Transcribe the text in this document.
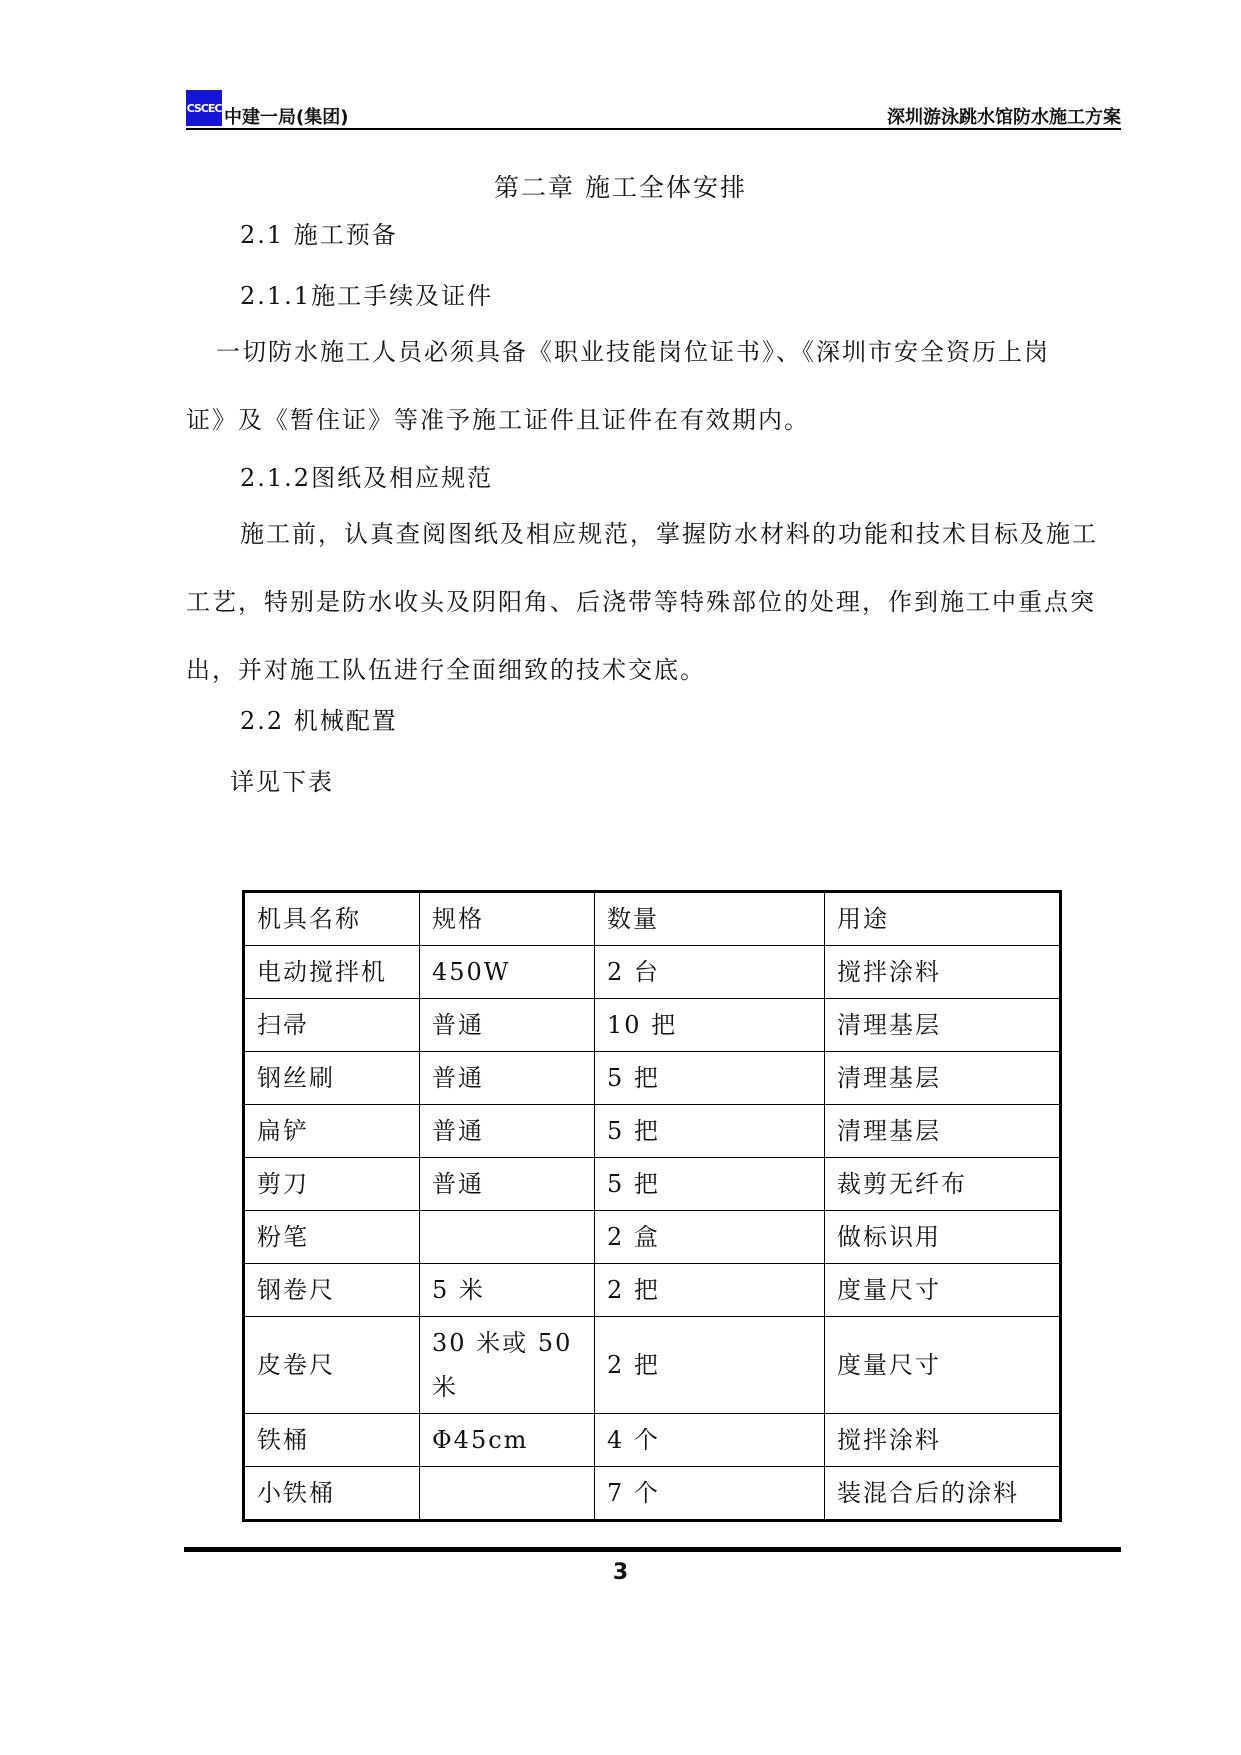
CSCEC 中建一局(集团)	深圳游泳跳水馆防水施工方案
第二章 施工全体安排
2.1 施工预备
2.1.1施工手续及证件
一切防水施工人员必须具备《职业技能岗位证书》、《深圳市安全资历上岗
证》及《暂住证》等准予施工证件且证件在有效期内。
2.1.2图纸及相应规范
施工前，认真查阅图纸及相应规范，掌握防水材料的功能和技术目标及施工
工艺，特别是防水收头及阴阳角、后浇带等特殊部位的处理，作到施工中重点突
出，并对施工队伍进行全面细致的技术交底。
2.2 机械配置
详见下表
机具名称	规格	数量	用途
电动搅拌机	450W	2 台	搅拌涂料
扫帚	普通	10 把	清理基层
钢丝刷	普通	5 把	清理基层
扁铲	普通	5 把	清理基层
剪刀	普通	5 把	裁剪无纤布
粉笔		2 盒	做标识用
钢卷尺	5 米	2 把	度量尺寸
皮卷尺	30 米或 50 米	2 把	度量尺寸
铁桶	Φ45cm	4 个	搅拌涂料
小铁桶		7 个	装混合后的涂料
3
